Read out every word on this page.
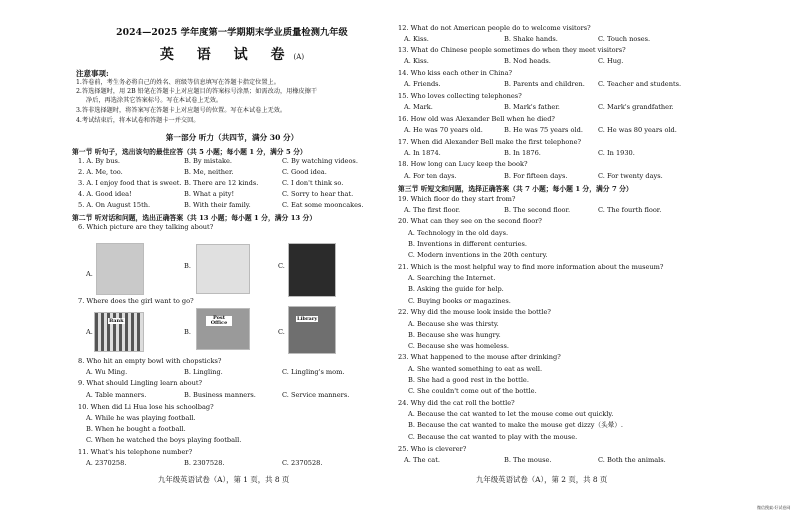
2024—2025 学年度第一学期期末学业质量检测九年级
英 语 试 卷(A)
注意事项:
1.答卷前，考生务必将自己的姓名、班级等信息填写在答题卡指定位置上。
2.答选择题时，用 2B 铅笔在答题卡上对应题目的答案标号涂黑；如需改动，用橡皮擦干
净后，再选涂其它答案标号。写在本试卷上无效。
3.答非选择题时，将答案写在答题卡上对应题号的位置。写在本试卷上无效。
4.考试结束后，将本试卷和答题卡一并交回。
第一部分 听力（共四节，满分 30 分）
第一节 听句子，选出该句的最佳应答（共 5 小题；每小题 1 分，满分 5 分）
1. A. By bus.	B. By mistake.	C. By watching videos.
2. A. Me, too.	B. Me, neither.	C. Good idea.
3. A. I enjoy food that is sweet. B. There are 12 kinds.	C. I don't think so.
4. A. Good idea!	B. What a pity!	C. Sorry to hear that.
5. A. On August 15th.	B. With their family.	C. Eat some mooncakes.
第二节 听对话和问题，选出正确答案（共 13 小题；每小题 1 分，满分 13 分）
6. Which picture are they talking about?
A.
B.	C.
7. Where does the girl want to go?
A.
Bank
B.
Post Office
C.
Library
8. Who hit an empty bowl with chopsticks?
A. Wu Ming.	B. Lingling.	C. Lingling's mom.
9. What should Lingling learn about?
A. Table manners.	B. Business manners.	C. Service manners.
10. When did Li Hua lose his schoolbag?
A. While he was playing football.
B. When he bought a football.
C. When he watched the boys playing football.
11. What's his telephone number?
A. 2370258.	B. 2307528.	C. 2370528.
九年级英语试卷（A），第 1 页，共 8 页
12. What do not American people do to welcome visitors?
A. Kiss.	B. Shake hands.	C. Touch noses.
13. What do Chinese people sometimes do when they meet visitors?
A. Kiss.	B. Nod heads.	C. Hug.
14. Who kiss each other in China?
A. Friends.	B. Parents and children. C. Teacher and students.
15. Who loves collecting telephones?
A. Mark.	B. Mark's father.	C. Mark's grandfather.
16. How old was Alexander Bell when he died?
A. He was 70 years old.	B. He was 75 years old. C. He was 80 years old.
17. When did Alexander Bell make the first telephone?
A. In 1874.	B. In 1876.	C. In 1930.
18. How long can Lucy keep the book?
A. For ten days.	B. For fifteen days.	C. For twenty days.
第三节 听短文和问题，选择正确答案（共 7 小题；每小题 1 分，满分 7 分）
19. Which floor do they start from?
A. The first floor.	B. The second floor.	C. The fourth floor.
20. What can they see on the second floor?
A. Technology in the old days.
B. Inventions in different centuries.
C. Modern inventions in the 20th century.
21. Which is the most helpful way to find more information about the museum?
A. Searching the Internet.
B. Asking the guide for help.
C. Buying books or magazines.
22. Why did the mouse look inside the bottle?
A. Because she was thirsty.
B. Because she was hungry.
C. Because she was homeless.
23. What happened to the mouse after drinking?
A. She wanted something to eat as well.
B. She had a good rest in the bottle.
C. She couldn't come out of the bottle.
24. Why did the cat roll the bottle?
A. Because the cat wanted to let the mouse come out quickly.
B. Because the cat wanted to make the mouse get dizzy（头晕）.
C. Because the cat wanted to play with the mouse.
25. Who is cleverer?
A. The cat.	B. The mouse.	C. Both the animals.
九年级英语试卷（A），第 2 页，共 8 页
微信搜索:好试卷网
